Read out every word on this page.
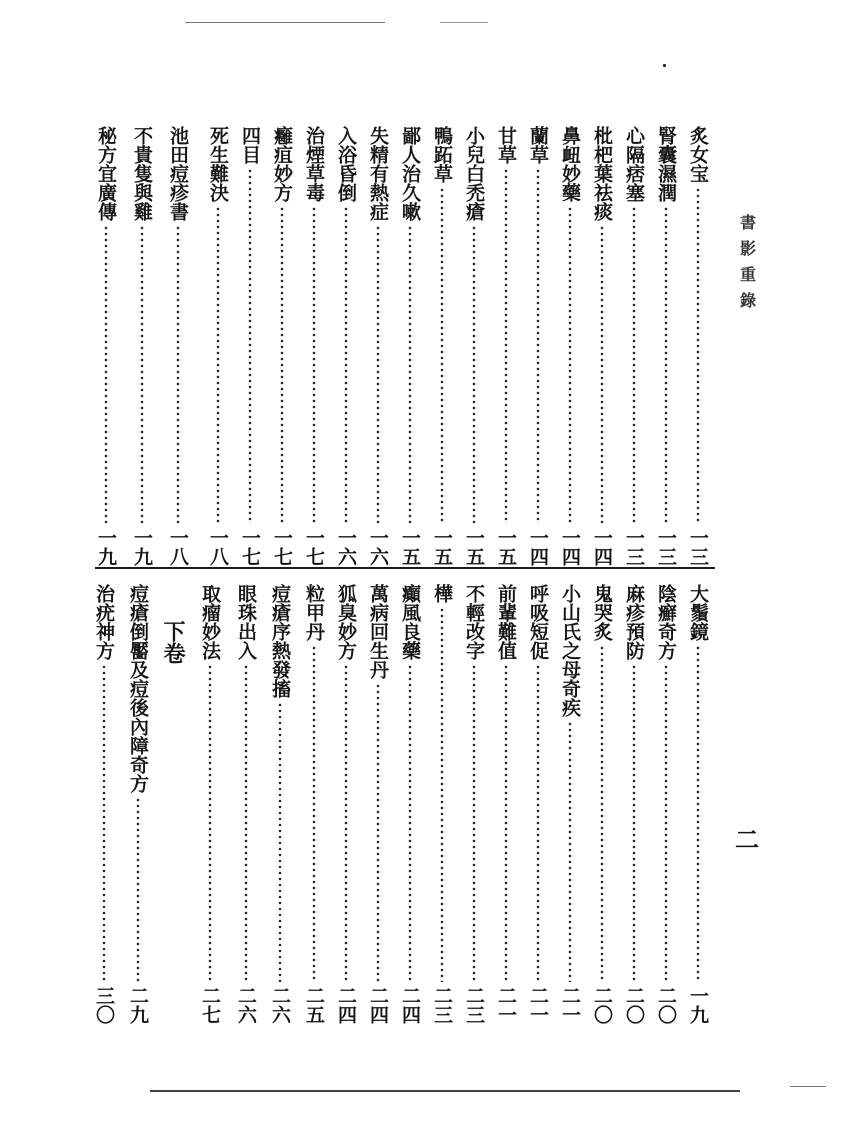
書影重錄
二
炙女宝
一三
腎囊濕潤
一三
心隔痞塞
一三
枇杷葉祛痰
一四
鼻衄妙藥
一四
蘭草
一四
甘草
一五
小兒白禿瘡
一五
鴨跖草
一五
鄙人治久嗽
一五
失精有熱症
一六
入浴昏倒
一六
治煙草毒
一七
癰疽妙方
一七
四目
一七
死生難決
一八
池田痘疹書
一八
不貴隻與雞
一九
秘方宜廣傳
一九
大鬚鏡
一九
陰癬奇方
二〇
麻疹預防
二〇
鬼哭炙
二〇
小山氏之母奇疾
二一
呼吸短促
二一
前輩難值
二一
不輕改字
二三
樺
二三
癲風良藥
二四
萬病回生丹
二四
狐臭妙方
二四
粒甲丹
二五
痘瘡序熱發搐
二六
眼珠出入
二六
取瘤妙法
二七
下卷
痘瘡倒靨及痘後內障奇方
二九
治疣神方
三〇
